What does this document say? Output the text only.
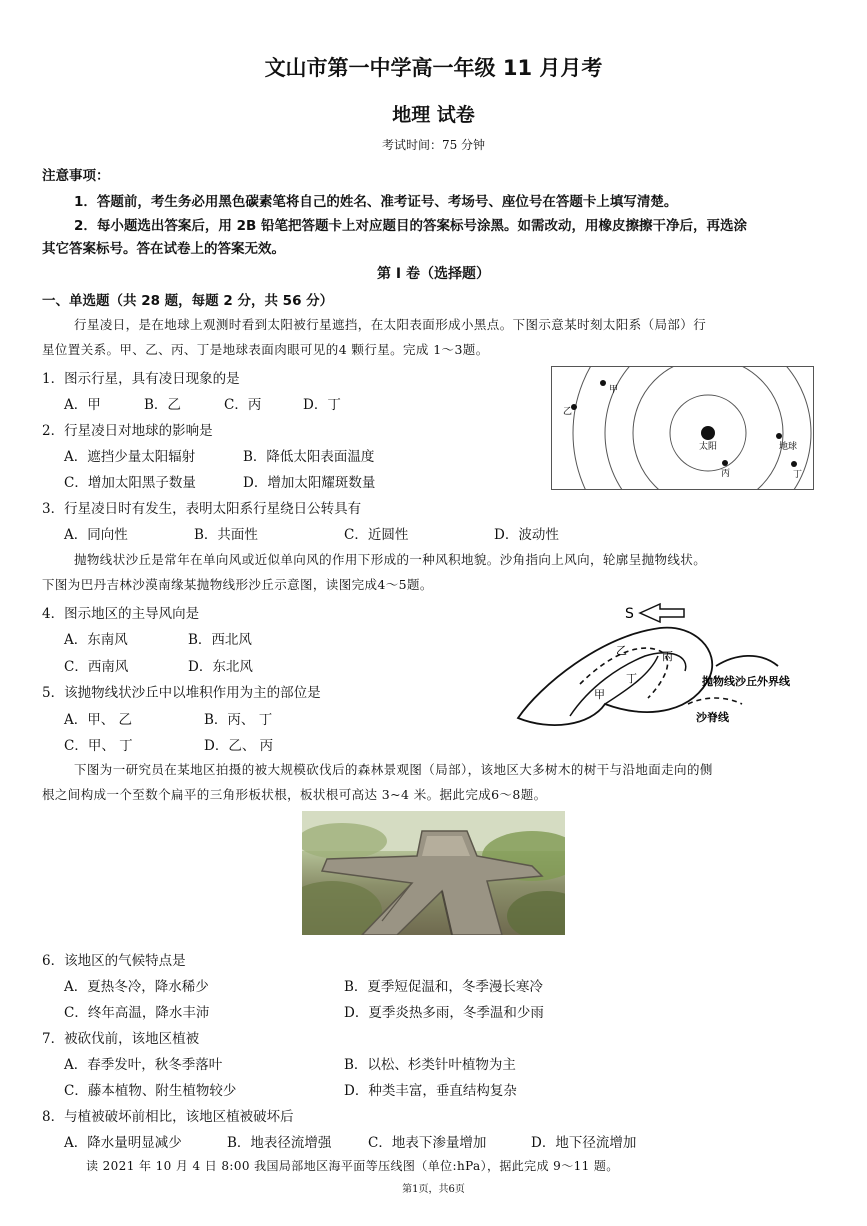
文山市第一中学高一年级 11 月月考
地理 试卷
考试时间：75 分钟
注意事项：
1．答题前，考生务必用黑色碳素笔将自己的姓名、准考证号、考场号、座位号在答题卡上填写清楚。
2．每小题选出答案后，用 2B 铅笔把答题卡上对应题目的答案标号涂黑。如需改动，用橡皮擦擦干净后，再选涂
其它答案标号。答在试卷上的答案无效。
第 I 卷（选择题）
一、单选题（共 28 题，每题 2 分，共 56 分）
行星凌日，是在地球上观测时看到太阳被行星遮挡，在太阳表面形成小黑点。下图示意某时刻太阳系（局部）行
星位置关系。甲、乙、丙、丁是地球表面肉眼可见的4 颗行星。完成 1～3题。
1．图示行星，具有凌日现象的是
A．甲	B．乙	C．丙	D．丁
2．行星凌日对地球的影响是
A．遮挡少量太阳辐射	B．降低太阳表面温度
C．增加太阳黑子数量	D．增加太阳耀斑数量
3．行星凌日时有发生，表明太阳系行星绕日公转具有
A．同向性	B．共面性	C．近圆性	D．波动性
甲
乙
丙
太阳	地球
丁
抛物线状沙丘是常年在单向风或近似单向风的作用下形成的一种风积地貌。沙角指向上风向，轮廓呈抛物线状。
下图为巴丹吉林沙漠南缘某抛物线形沙丘示意图，读图完成4～5题。
4．图示地区的主导风向是
A．东南风	B．西北风
C．西南风	D．东北风
5．该抛物线状沙丘中以堆积作用为主的部位是
A．甲、 乙	B．丙、 丁
C．甲、 丁	D．乙、 丙
S
甲
乙	丙
丁	抛物线沙丘外界线
沙脊线
下图为一研究员在某地区拍摄的被大规模砍伐后的森林景观图（局部），该地区大多树木的树干与沿地面走向的侧
根之间构成一个至数个扁平的三角形板状根，板状根可高达 3~4 米。据此完成6～8题。
6．该地区的气候特点是
A．夏热冬冷，降水稀少	B．夏季短促温和，冬季漫长寒冷
C．终年高温，降水丰沛	D．夏季炎热多雨，冬季温和少雨
7．被砍伐前，该地区植被
A．春季发叶，秋冬季落叶	B．以松、杉类针叶植物为主
C．藤本植物、附生植物较少	D．种类丰富，垂直结构复杂
8．与植被破坏前相比，该地区植被破坏后
A．降水量明显减少	B．地表径流增强	C．地表下渗量增加	D．地下径流增加
读 2021 年 10 月 4 日 8:00 我国局部地区海平面等压线图（单位:hPa），据此完成 9～11 题。
第1页，共6页
